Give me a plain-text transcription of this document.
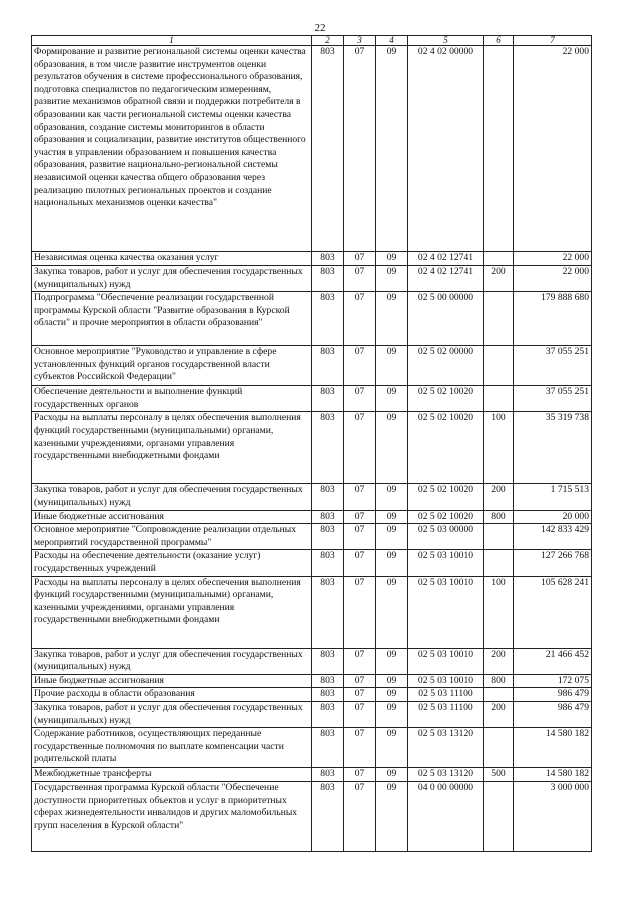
22
1	2	3	4	5	6	7
Формирование и развитие региональной системы оценки качества образования, в том числе развитие инструментов оценки результатов обучения в системе профессионального образования, подготовка специалистов по педагогическим измерениям, развитие механизмов обратной связи и поддержки потребителя в образовании как части региональной системы оценки качества образования, создание системы мониторингов в области образования и социализации, развитие институтов общественного участия в управлении образованием и повышения качества образования, развитие национально-региональной системы независимой оценки качества общего образования через реализацию пилотных региональных проектов и создание национальных механизмов оценки качества"	803	07	09	02 4 02 00000		22 000
Независимая оценка качества оказания услуг	803	07	09	02 4 02 12741		22 000
Закупка товаров, работ и услуг для обеспечения государственных (муниципальных) нужд	803	07	09	02 4 02 12741	200	22 000
Подпрограмма "Обеспечение реализации государственной программы Курской области "Развитие образования в Курской области" и прочие мероприятия в области образования"	803	07	09	02 5 00 00000		179 888 680
Основное мероприятие "Руководство и управление в сфере установленных функций органов государственной власти субъектов Российской Федерации"	803	07	09	02 5 02 00000		37 055 251
Обеспечение деятельности и выполнение функций государственных органов	803	07	09	02 5 02 10020		37 055 251
Расходы на выплаты персоналу в целях обеспечения выполнения функций государственными (муниципальными) органами, казенными учреждениями, органами управления государственными внебюджетными фондами	803	07	09	02 5 02 10020	100	35 319 738
Закупка товаров, работ и услуг для обеспечения государственных (муниципальных) нужд	803	07	09	02 5 02 10020	200	1 715 513
Иные бюджетные ассигнования	803	07	09	02 5 02 10020	800	20 000
Основное мероприятие "Сопровождение реализации отдельных мероприятий государственной программы"	803	07	09	02 5 03 00000		142 833 429
Расходы на обеспечение деятельности (оказание услуг) государственных учреждений	803	07	09	02 5 03 10010		127 266 768
Расходы на выплаты персоналу в целях обеспечения выполнения функций государственными (муниципальными) органами, казенными учреждениями, органами управления государственными внебюджетными фондами	803	07	09	02 5 03 10010	100	105 628 241
Закупка товаров, работ и услуг для обеспечения государственных (муниципальных) нужд	803	07	09	02 5 03 10010	200	21 466 452
Иные бюджетные ассигнования	803	07	09	02 5 03 10010	800	172 075
Прочие расходы в области образования	803	07	09	02 5 03 11100		986 479
Закупка товаров, работ и услуг для обеспечения государственных (муниципальных) нужд	803	07	09	02 5 03 11100	200	986 479
Содержание работников, осуществляющих переданные государственные полномочия по выплате компенсации части родительской платы	803	07	09	02 5 03 13120		14 580 182
Межбюджетные трансферты	803	07	09	02 5 03 13120	500	14 580 182
Государственная программа Курской области "Обеспечение доступности приоритетных объектов и услуг в приоритетных сферах жизнедеятельности инвалидов и других маломобильных групп населения в Курской области"	803	07	09	04 0 00 00000		3 000 000
